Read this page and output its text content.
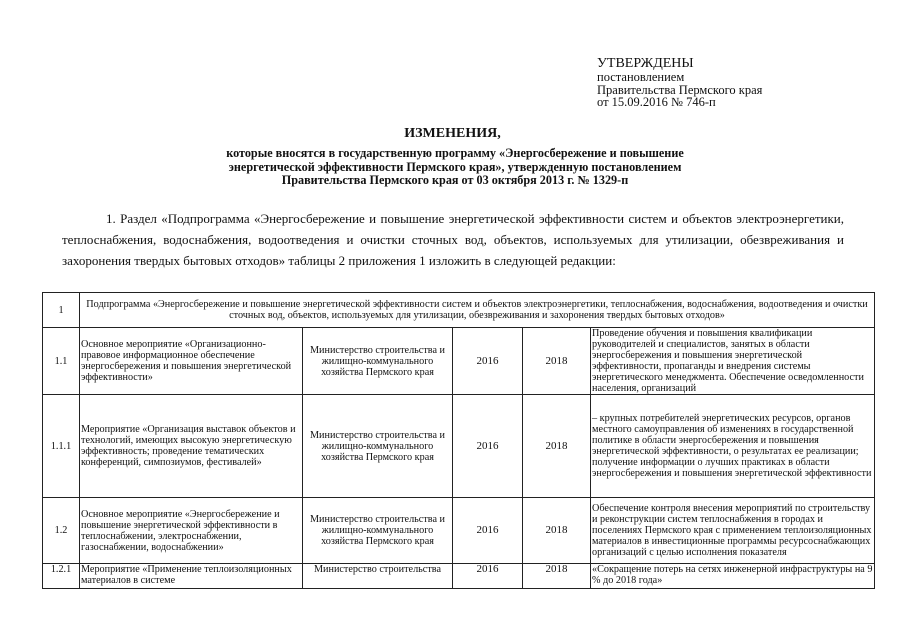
УТВЕРЖДЕНЫ
постановлением
Правительства Пермского края
от 15.09.2016 № 746-п
ИЗМЕНЕНИЯ,
которые вносятся в государственную программу «Энергосбережение и повышение
энергетической эффективности Пермского края», утвержденную постановлением
Правительства Пермского края от 03 октября 2013 г. № 1329-п
1. Раздел «Подпрограмма «Энергосбережение и повышение энергетической эффективности систем и объектов электроэнергетики, теплоснабжения, водоснабжения, водоотведения и очистки сточных вод, объектов, используемых для утилизации, обезвреживания и захоронения твердых бытовых отходов» таблицы 2 приложения 1 изложить в следующей редакции:
1	Подпрограмма «Энергосбережение и повышение энергетической эффективности систем и объектов электроэнергетики, теплоснабжения, водоснабжения, водоотведения и очистки сточных вод, объектов, используемых для утилизации, обезвреживания и захоронения твердых бытовых отходов»				
1.1	Основное мероприятие «Организационно-правовое информационное обеспечение энергосбережения и повышения энергетической эффективности»	Министерство строительства и жилищно-коммунального хозяйства Пермского края	2016	2018	Проведение обучения и повышения квалификации руководителей и специалистов, занятых в области энергосбережения и повышения энергетической эффективности, пропаганды и внедрения системы энергетического менеджмента. Обеспечение осведомленности населения, организаций
1.1.1	Мероприятие «Организация выставок объектов и технологий, имеющих высокую энергетическую эффективность; проведение тематических конференций, симпозиумов, фестивалей»	Министерство строительства и жилищно-коммунального хозяйства Пермского края	2016	2018	– крупных потребителей энергетических ресурсов, органов местного самоуправления об изменениях в государственной политике в области энергосбережения и повышения энергетической эффективности, о результатах ее реализации; получение информации о лучших практиках в области энергосбережения и повышения энергетической эффективности
1.2	Основное мероприятие «Энергосбережение и повышение энергетической эффективности в теплоснабжении, электроснабжении, газоснабжении, водоснабжении»	Министерство строительства и жилищно-коммунального хозяйства Пермского края	2016	2018	Обеспечение контроля внесения мероприятий по строительству и реконструкции систем теплоснабжения в городах и поселениях Пермского края с применением теплоизоляционных материалов в инвестиционные программы ресурсоснабжающих организаций с целью исполнения показателя
1.2.1	Мероприятие «Применение теплоизоляционных материалов в системе	Министерство строительства	2016	2018	«Сокращение потерь на сетях инженерной инфраструктуры на 9 % до 2018 года»
